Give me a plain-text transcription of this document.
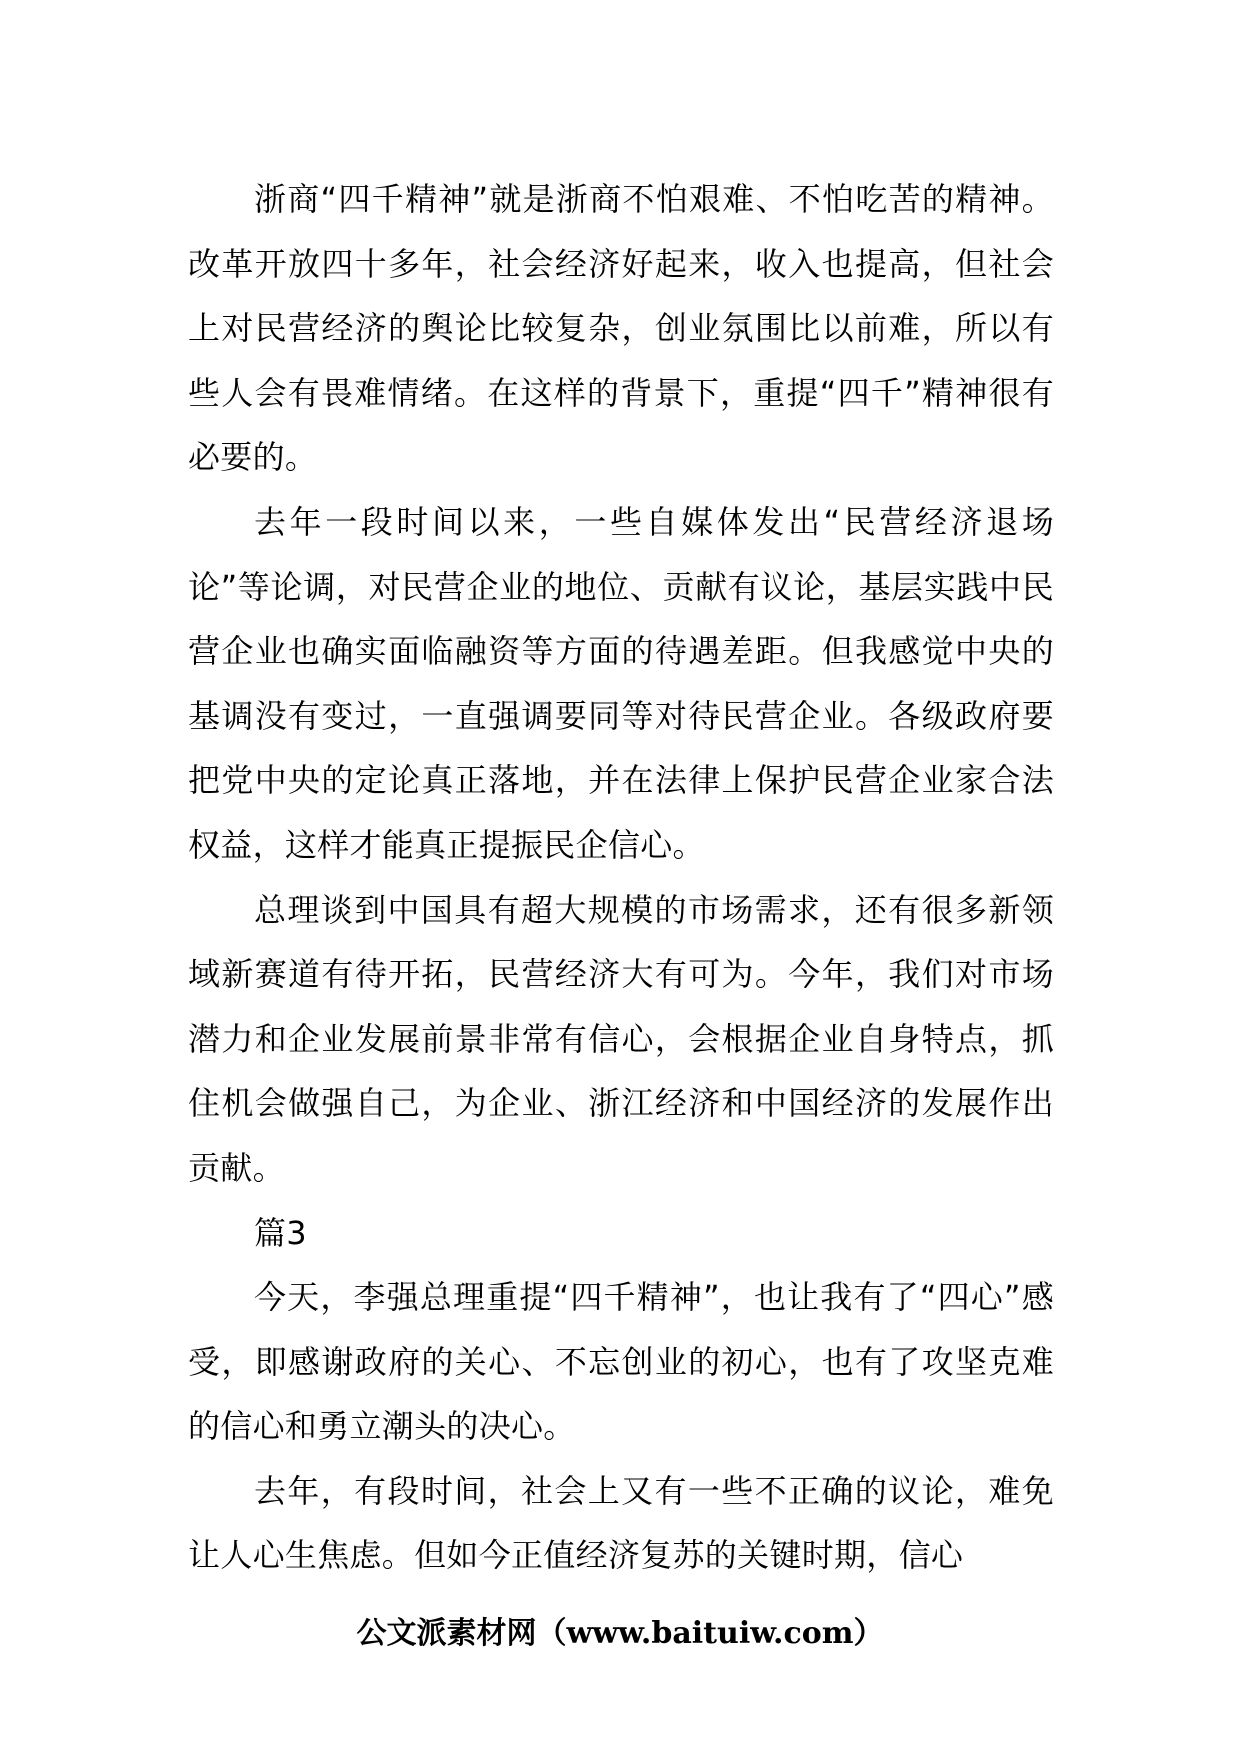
浙商“四千精神”就是浙商不怕艰难、不怕吃苦的精神。改革开放四十多年，社会经济好起来，收入也提高，但社会上对民营经济的舆论比较复杂，创业氛围比以前难，所以有些人会有畏难情绪。在这样的背景下，重提“四千”精神很有必要的。

去年一段时间以来，一些自媒体发出“民营经济退场论”等论调，对民营企业的地位、贡献有议论，基层实践中民营企业也确实面临融资等方面的待遇差距。但我感觉中央的基调没有变过，一直强调要同等对待民营企业。各级政府要把党中央的定论真正落地，并在法律上保护民营企业家合法权益，这样才能真正提振民企信心。

总理谈到中国具有超大规模的市场需求，还有很多新领域新赛道有待开拓，民营经济大有可为。今年，我们对市场潜力和企业发展前景非常有信心，会根据企业自身特点，抓住机会做强自己，为企业、浙江经济和中国经济的发展作出贡献。

篇3

今天，李强总理重提“四千精神”，也让我有了“四心”感受，即感谢政府的关心、不忘创业的初心，也有了攻坚克难的信心和勇立潮头的决心。

去年，有段时间，社会上又有一些不正确的议论，难免让人心生焦虑。但如今正值经济复苏的关键时期，信心

公文派素材网（www.baituiw.com）
